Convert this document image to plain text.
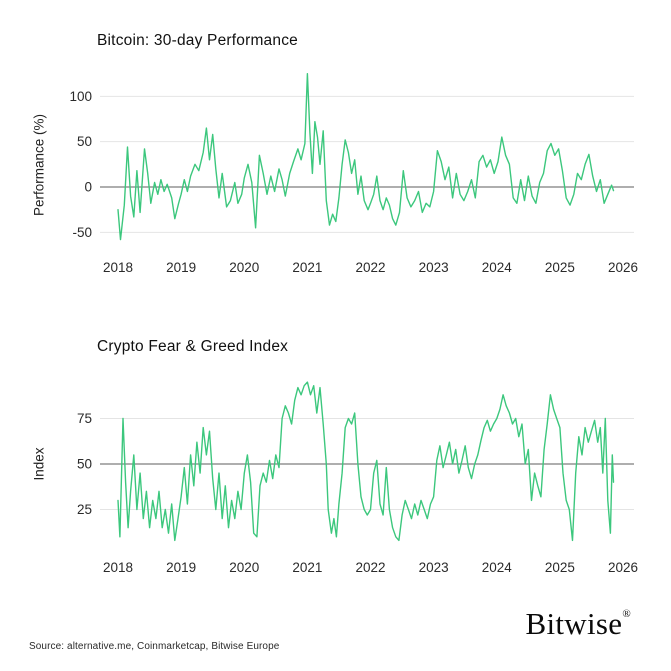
Bitcoin: 30-day Performance
Performance (%)
100
50
0
-50
2018 2019 2020 2021 2022 2023 2024 2025 2026
Crypto Fear & Greed Index
Index
75
50
25
2018 2019 2020 2021 2022 2023 2024 2025 2026
Source: alternative.me, Coinmarketcap, Bitwise Europe
Bitwise®
